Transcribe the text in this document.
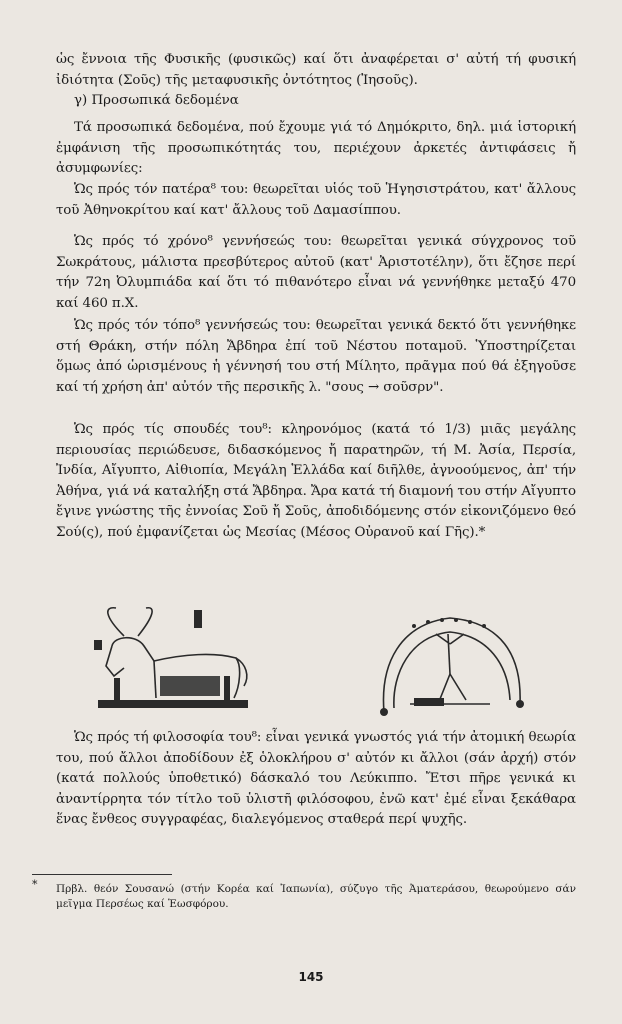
ὡς ἔννοια τῆς Φυσικῆς (φυσικῶς) καί ὅτι ἀναφέρεται σ' αὐτή τή φυσική ἰδιότητα (Σοῦς) τῆς μεταφυσικῆς ὀντότητος (Ἰησοῦς).

γ) Προσωπικά δεδομένα

Τά προσωπικά δεδομένα, πού ἔχουμε γιά τό Δημόκριτο, δηλ. μιά ἱστορική ἐμφάνιση τῆς προσωπικότητάς του, περιέχουν ἀρκετές ἀντιφάσεις ἤ ἀσυμφωνίες:

Ὡς πρός τόν πατέρα⁸ του: θεωρεῖται υἱός τοῦ Ἡγησιστράτου, κατ' ἄλλους τοῦ Ἀθηνοκρίτου καί κατ' ἄλλους τοῦ Δαμασίππου.

Ὡς πρός τό χρόνο⁸ γεννήσεώς του: θεωρεῖται γενικά σύγχρονος τοῦ Σωκράτους, μάλιστα πρεσβύτερος αὐτοῦ (κατ' Ἀριστοτέλην), ὅτι ἔζησε περί τήν 72η Ὀλυμπιάδα καί ὅτι τό πιθανότερο εἶναι νά γεννήθηκε μεταξύ 470 καί 460 π.Χ.

Ὡς πρός τόν τόπο⁸ γεννήσεώς του: θεωρεῖται γενικά δεκτό ὅτι γεννήθηκε στή Θράκη, στήν πόλη Ἄβδηρα ἐπί τοῦ Νέστου ποταμοῦ. Ὑποστηρίζεται ὅμως ἀπό ὡρισμένους ἡ γέννησή του στή Μίλητο, πρᾶγμα πού θά ἐξηγοῦσε καί τή χρήση ἀπ' αὐτόν τῆς περσικῆς λ. "σους → σοῦσρν".

Ὡς πρός τίς σπουδές του⁸: κληρονόμος (κατά τό 1/3) μιᾶς μεγάλης περιουσίας περιώδευσε, διδασκόμενος ἤ παρατηρῶν, τή Μ. Ἀσία, Περσία, Ἰνδία, Αἴγυπτο, Αἰθιοπία, Μεγάλη Ἑλλάδα καί διῆλθε, ἀγνοούμενος, ἀπ' τήν Ἀθήνα, γιά νά καταλήξη στά Ἄβδηρα. Ἄρα κατά τή διαμονή του στήν Αἴγυπτο ἔγινε γνώστης τῆς ἐννοίας Σοῦ ἤ Σοῦς, ἀποδιδόμενης στόν εἰκονιζόμενο θεό Σού(ς), πού ἐμφανίζεται ὡς Μεσίας (Μέσος Οὐρανοῦ καί Γῆς).*

Ὡς πρός τή φιλοσοφία του⁸: εἶναι γενικά γνωστός γιά τήν ἀτομική θεωρία του, πού ἄλλοι ἀποδίδουν ἐξ ὁλοκλήρου σ' αὐτόν κι ἄλλοι (σάν ἀρχή) στόν (κατά πολλούς ὑποθετικό) δάσκαλό του Λεύκιππο. Ἔτσι πῆρε γενικά κι ἀναντίρρητα τόν τίτλο τοῦ ὑλιστῆ φιλόσοφου, ἐνῶ κατ' ἐμέ εἶναι ξεκάθαρα ἕνας ἔνθεος συγγραφέας, διαλεγόμενος σταθερά περί ψυχῆς.

* Πρβλ. θεόν Σουσανώ (στήν Κορέα καί Ἰαπωνία), σύζυγο τῆς Ἀματεράσου, θεωρούμενο σάν μεῖγμα Περσέως καί Ἑωσφόρου.

145
